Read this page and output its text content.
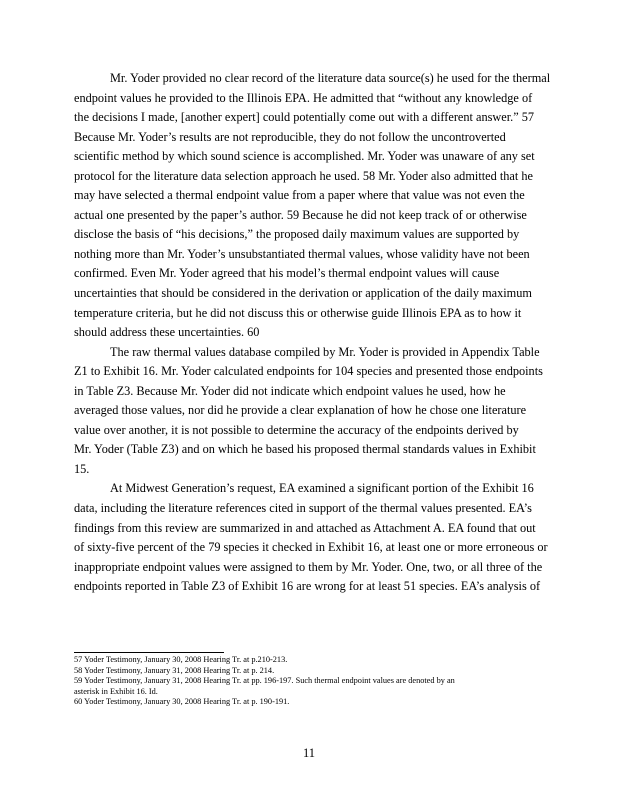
Mr. Yoder provided no clear record of the literature data source(s) he used for the thermal
endpoint values he provided to the Illinois EPA. He admitted that “without any knowledge of
the decisions I made, [another expert] could potentially come out with a different answer.” 57
Because Mr. Yoder’s results are not reproducible, they do not follow the uncontroverted
scientific method by which sound science is accomplished. Mr. Yoder was unaware of any set
protocol for the literature data selection approach he used. 58 Mr. Yoder also admitted that he
may have selected a thermal endpoint value from a paper where that value was not even the
actual one presented by the paper’s author. 59 Because he did not keep track of or otherwise
disclose the basis of “his decisions,” the proposed daily maximum values are supported by
nothing more than Mr. Yoder’s unsubstantiated thermal values, whose validity have not been
confirmed. Even Mr. Yoder agreed that his model’s thermal endpoint values will cause
uncertainties that should be considered in the derivation or application of the daily maximum
temperature criteria, but he did not discuss this or otherwise guide Illinois EPA as to how it
should address these uncertainties. 60
The raw thermal values database compiled by Mr. Yoder is provided in Appendix Table
Z1 to Exhibit 16. Mr. Yoder calculated endpoints for 104 species and presented those endpoints
in Table Z3. Because Mr. Yoder did not indicate which endpoint values he used, how he
averaged those values, nor did he provide a clear explanation of how he chose one literature
value over another, it is not possible to determine the accuracy of the endpoints derived by
Mr. Yoder (Table Z3) and on which he based his proposed thermal standards values in Exhibit
15.
At Midwest Generation’s request, EA examined a significant portion of the Exhibit 16
data, including the literature references cited in support of the thermal values presented. EA’s
findings from this review are summarized in and attached as Attachment A. EA found that out
of sixty-five percent of the 79 species it checked in Exhibit 16, at least one or more erroneous or
inappropriate endpoint values were assigned to them by Mr. Yoder. One, two, or all three of the
endpoints reported in Table Z3 of Exhibit 16 are wrong for at least 51 species. EA’s analysis of
57 Yoder Testimony, January 30, 2008 Hearing Tr. at p.210-213.
58 Yoder Testimony, January 31, 2008 Hearing Tr. at p. 214.
59 Yoder Testimony, January 31, 2008 Hearing Tr. at pp. 196-197. Such thermal endpoint values are denoted by an
asterisk in Exhibit 16. Id.
60 Yoder Testimony, January 30, 2008 Hearing Tr. at p. 190-191.
11
